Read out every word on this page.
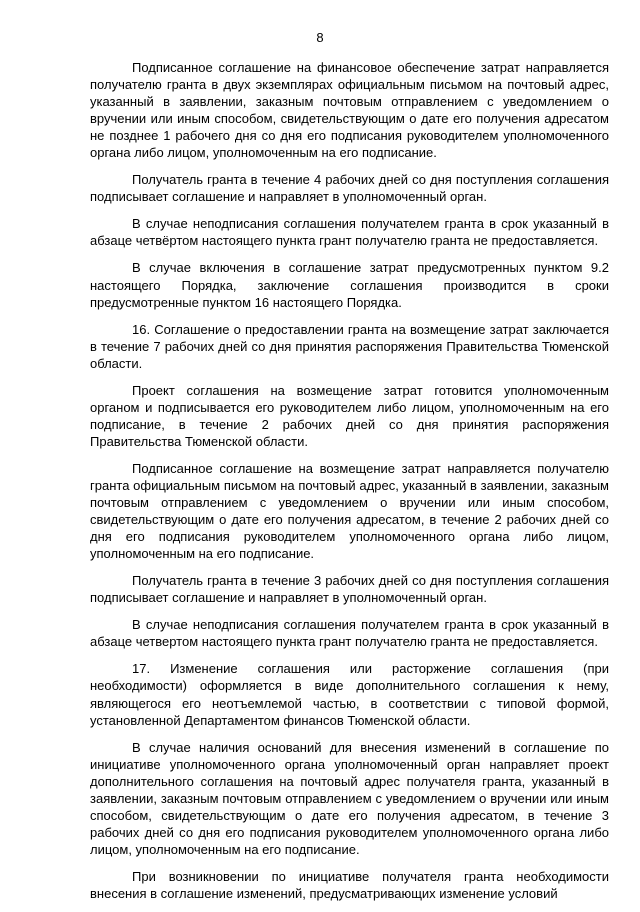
8

Подписанное соглашение на финансовое обеспечение затрат направляется получателю гранта в двух экземплярах официальным письмом на почтовый адрес, указанный в заявлении, заказным почтовым отправлением с уведомлением о вручении или иным способом, свидетельствующим о дате его получения адресатом не позднее 1 рабочего дня со дня его подписания руководителем уполномоченного органа либо лицом, уполномоченным на его подписание.

Получатель гранта в течение 4 рабочих дней со дня поступления соглашения подписывает соглашение и направляет в уполномоченный орган.

В случае неподписания соглашения получателем гранта в срок указанный в абзаце четвёртом настоящего пункта грант получателю гранта не предоставляется.

В случае включения в соглашение затрат предусмотренных пунктом 9.2 настоящего Порядка, заключение соглашения производится в сроки предусмотренные пунктом 16 настоящего Порядка.

16. Соглашение о предоставлении гранта на возмещение затрат заключается в течение 7 рабочих дней со дня принятия распоряжения Правительства Тюменской области.

Проект соглашения на возмещение затрат готовится уполномоченным органом и подписывается его руководителем либо лицом, уполномоченным на его подписание, в течение 2 рабочих дней со дня принятия распоряжения Правительства Тюменской области.

Подписанное соглашение на возмещение затрат направляется получателю гранта официальным письмом на почтовый адрес, указанный в заявлении, заказным почтовым отправлением с уведомлением о вручении или иным способом, свидетельствующим о дате его получения адресатом, в течение 2 рабочих дней со дня его подписания руководителем уполномоченного органа либо лицом, уполномоченным на его подписание.

Получатель гранта в течение 3 рабочих дней со дня поступления соглашения подписывает соглашение и направляет в уполномоченный орган.

В случае неподписания соглашения получателем гранта в срок указанный в абзаце четвертом настоящего пункта грант получателю гранта не предоставляется.

17. Изменение соглашения или расторжение соглашения (при необходимости) оформляется в виде дополнительного соглашения к нему, являющегося его неотъемлемой частью, в соответствии с типовой формой, установленной Департаментом финансов Тюменской области.

В случае наличия оснований для внесения изменений в соглашение по инициативе уполномоченного органа уполномоченный орган направляет проект дополнительного соглашения на почтовый адрес получателя гранта, указанный в заявлении, заказным почтовым отправлением с уведомлением о вручении или иным способом, свидетельствующим о дате его получения адресатом, в течение 3 рабочих дней со дня его подписания руководителем уполномоченного органа либо лицом, уполномоченным на его подписание.

При возникновении по инициативе получателя гранта необходимости внесения в соглашение изменений, предусматривающих изменение условий
